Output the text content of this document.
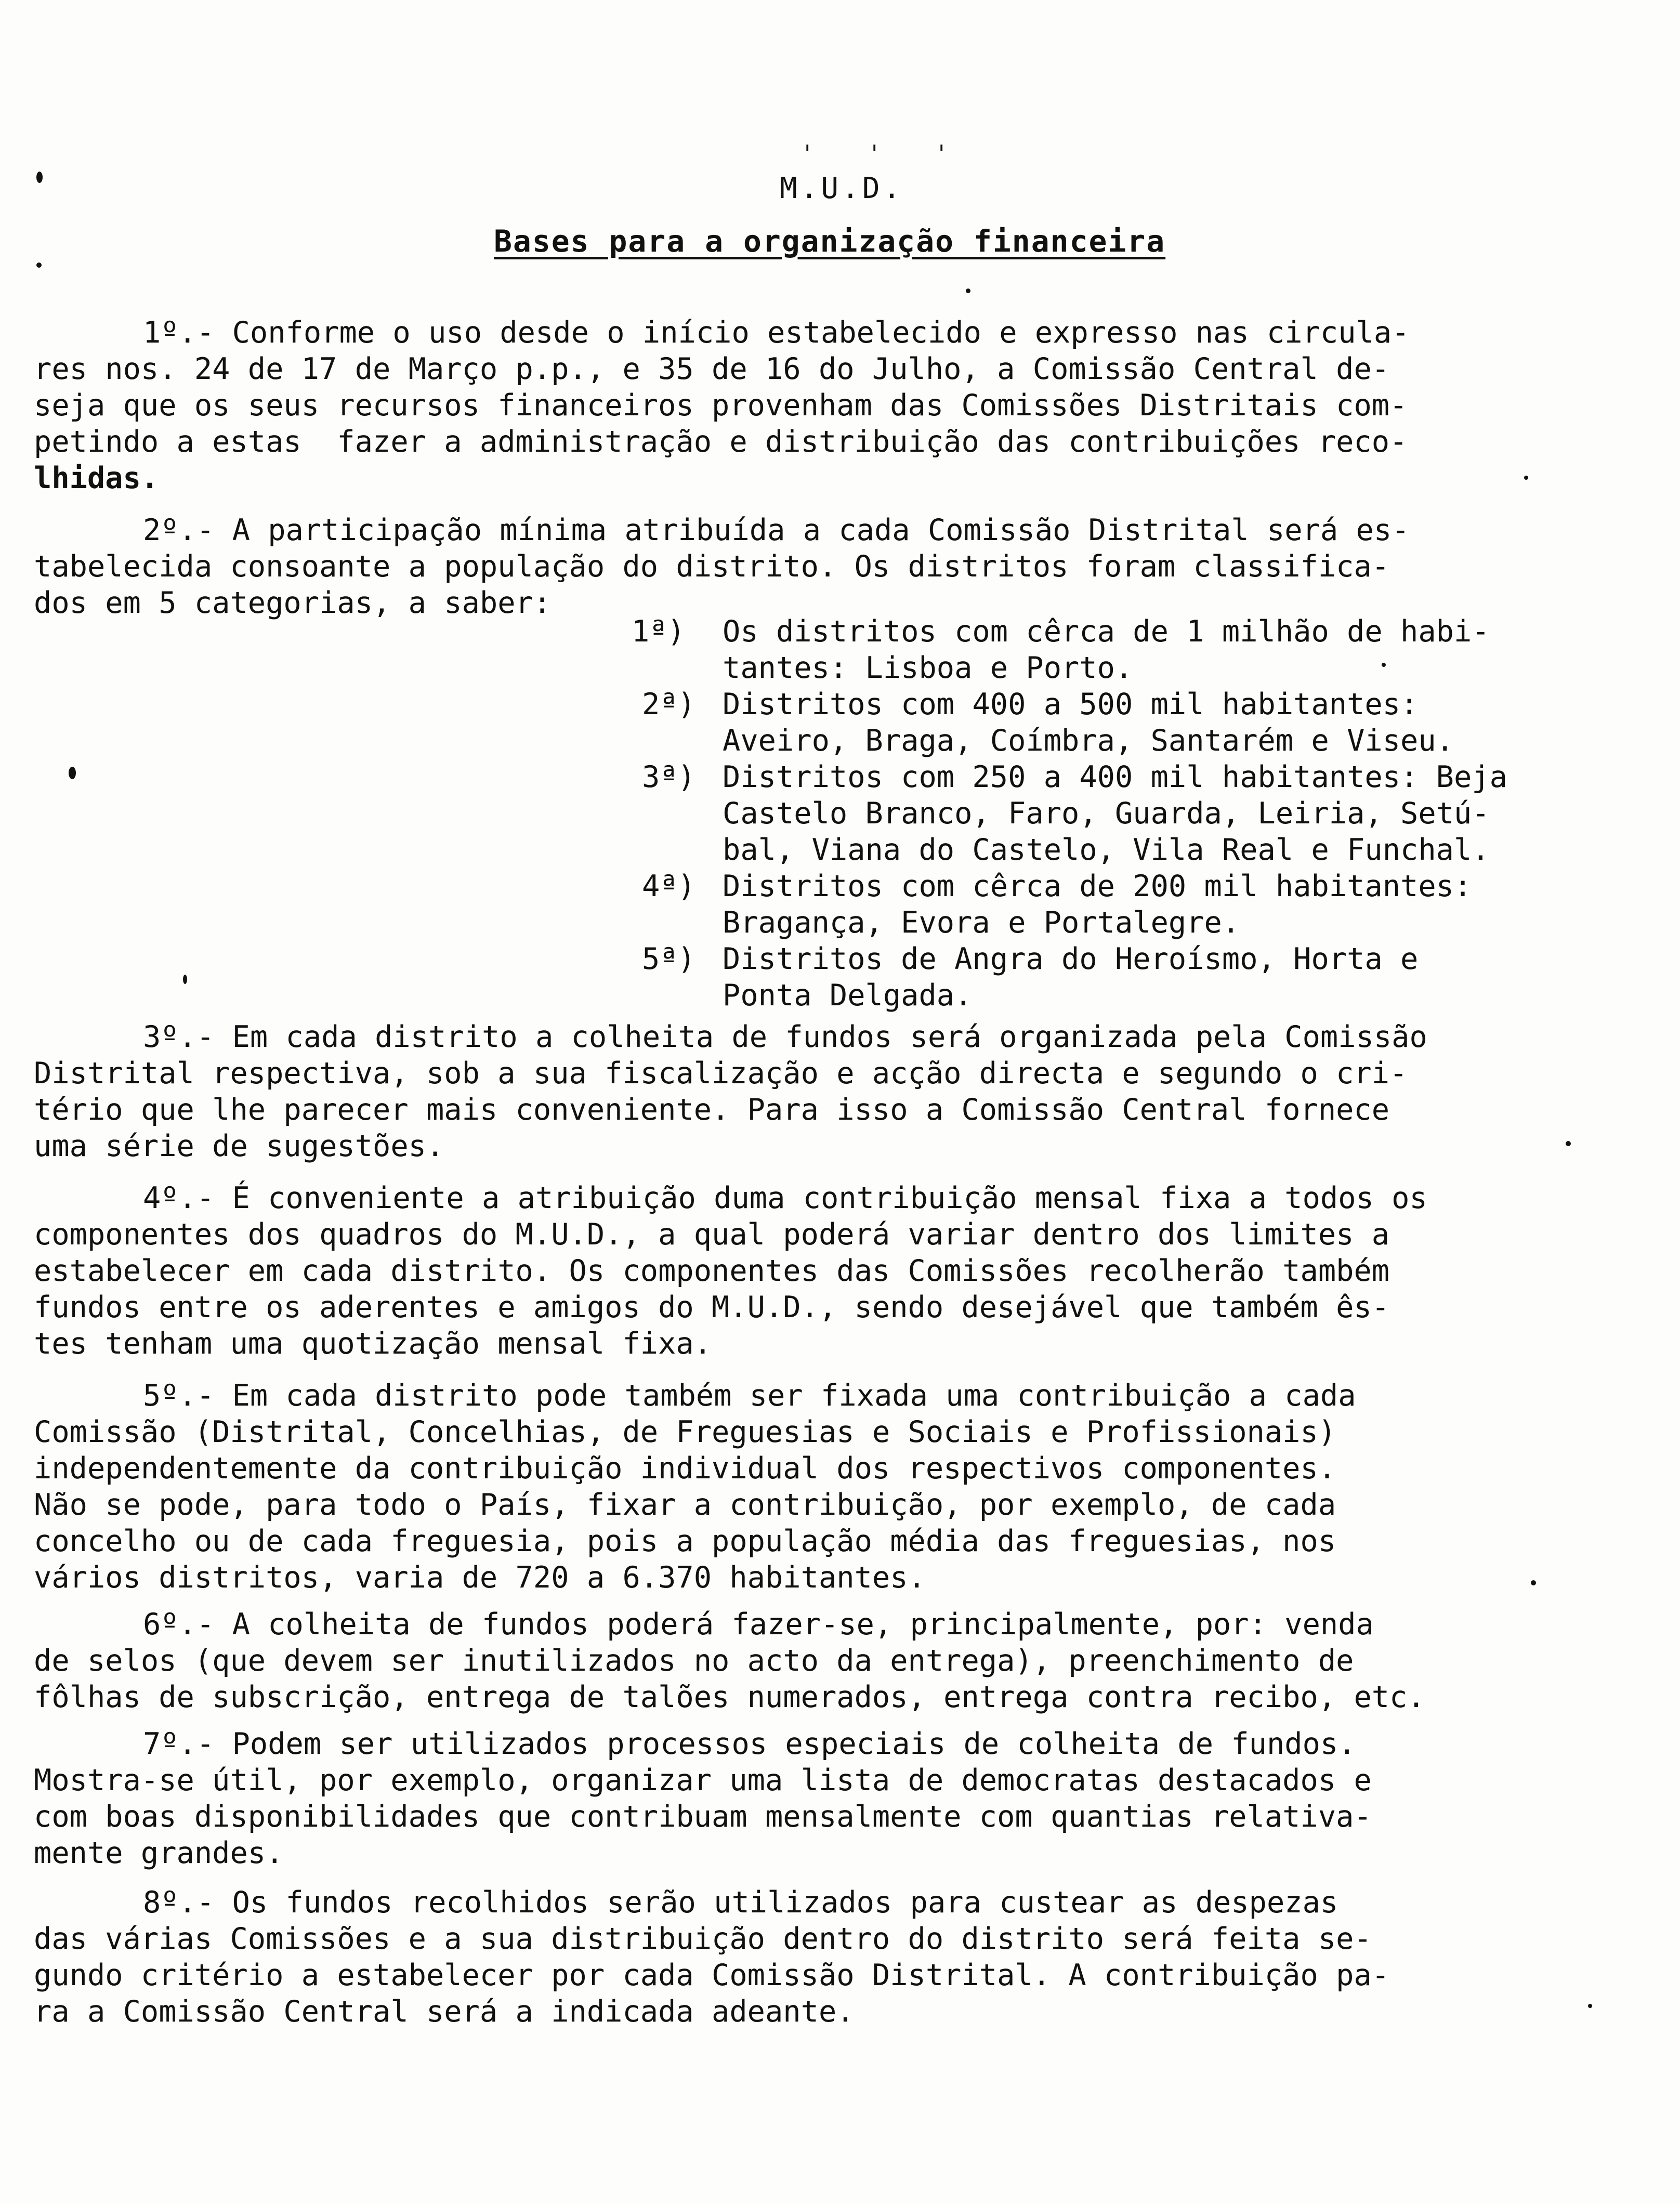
' ' '
M.U.D.
Bases para a organização financeira
1º.- Conforme o uso desde o início estabelecido e expresso nas circula-
res nos. 24 de 17 de Março p.p., e 35 de 16 do Julho, a Comissão Central de-
seja que os seus recursos financeiros provenham das Comissões Distritais com-
petindo a estas  fazer a administração e distribuição das contribuições reco-
lhidas.
2º.- A participação mínima atribuída a cada Comissão Distrital será es-
tabelecida consoante a população do distrito. Os distritos foram classifica-
dos em 5 categorias, a saber:
1ª) Os distritos com cêrca de 1 milhão de habi-
tantes: Lisboa e Porto.
2ª) Distritos com 400 a 500 mil habitantes:
Aveiro, Braga, Coímbra, Santarém e Viseu.
3ª) Distritos com 250 a 400 mil habitantes: Beja
Castelo Branco, Faro, Guarda, Leiria, Setú-
bal, Viana do Castelo, Vila Real e Funchal.
4ª) Distritos com cêrca de 200 mil habitantes:
Bragança, Evora e Portalegre.
5ª) Distritos de Angra do Heroísmo, Horta e
Ponta Delgada.
3º.- Em cada distrito a colheita de fundos será organizada pela Comissão
Distrital respectiva, sob a sua fiscalização e acção directa e segundo o cri-
tério que lhe parecer mais conveniente. Para isso a Comissão Central fornece
uma série de sugestões.
4º.- É conveniente a atribuição duma contribuição mensal fixa a todos os
componentes dos quadros do M.U.D., a qual poderá variar dentro dos limites a
estabelecer em cada distrito. Os componentes das Comissões recolherão também
fundos entre os aderentes e amigos do M.U.D., sendo desejável que também ês-
tes tenham uma quotização mensal fixa.
5º.- Em cada distrito pode também ser fixada uma contribuição a cada
Comissão (Distrital, Concelhias, de Freguesias e Sociais e Profissionais)
independentemente da contribuição individual dos respectivos componentes.
Não se pode, para todo o País, fixar a contribuição, por exemplo, de cada
concelho ou de cada freguesia, pois a população média das freguesias, nos
vários distritos, varia de 720 a 6.370 habitantes.
6º.- A colheita de fundos poderá fazer-se, principalmente, por: venda
de selos (que devem ser inutilizados no acto da entrega), preenchimento de
fôlhas de subscrição, entrega de talões numerados, entrega contra recibo, etc.
7º.- Podem ser utilizados processos especiais de colheita de fundos.
Mostra-se útil, por exemplo, organizar uma lista de democratas destacados e
com boas disponibilidades que contribuam mensalmente com quantias relativa-
mente grandes.
8º.- Os fundos recolhidos serão utilizados para custear as despezas
das várias Comissões e a sua distribuição dentro do distrito será feita se-
gundo critério a estabelecer por cada Comissão Distrital. A contribuição pa-
ra a Comissão Central será a indicada adeante.
